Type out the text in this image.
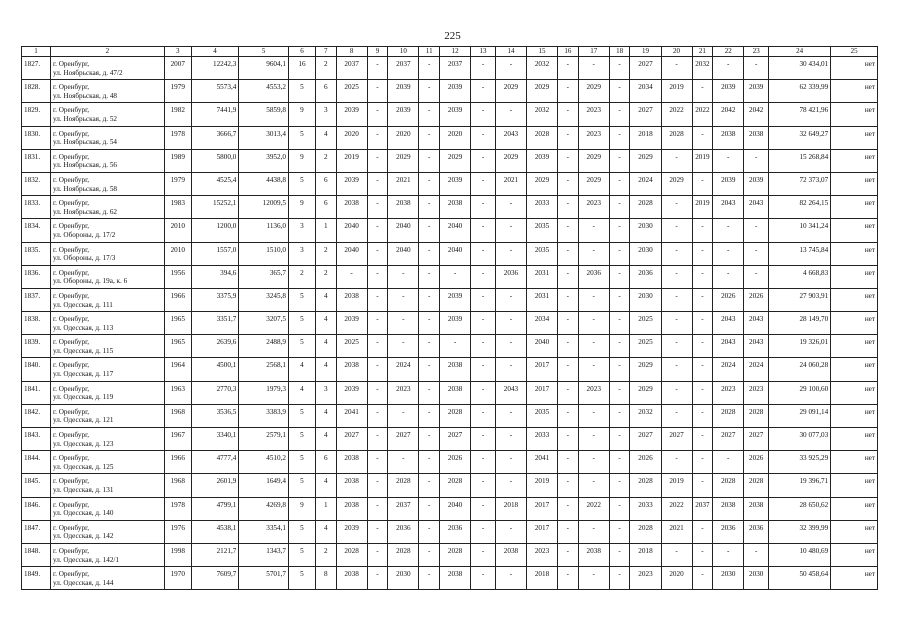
225
1	2	3	4	5	6	7	8	9	10	11	12	13	14	15	16	17	18	19	20	21	22	23	24	25
1827.	г. Оренбург,
ул. Ноябрьская, д. 47/2	2007	12242,3	9604,1	16	2	2037	-	2037	-	2037	-	-	2032	-	-	-	2027	-	2032	-	-	30 434,01	нет
1828.	г. Оренбург,
ул. Ноябрьская, д. 48	1979	5573,4	4553,2	5	6	2025	-	2039	-	2039	-	2029	2029	-	2029	-	2034	2019	-	2039	2039	62 339,99	нет
1829.	г. Оренбург,
ул. Ноябрьская, д. 52	1982	7441,9	5859,8	9	3	2039	-	2039	-	2039	-	-	2032	-	2023	-	2027	2022	2022	2042	2042	78 421,96	нет
1830.	г. Оренбург,
ул. Ноябрьская, д. 54	1978	3666,7	3013,4	5	4	2020	-	2020	-	2020	-	2043	2028	-	2023	-	2018	2028	-	2038	2038	32 649,27	нет
1831.	г. Оренбург,
ул. Ноябрьская, д. 56	1989	5800,0	3952,0	9	2	2019	-	2029	-	2029	-	2029	2039	-	2029	-	2029	-	2019	-	-	15 268,84	нет
1832.	г. Оренбург,
ул. Ноябрьская, д. 58	1979	4525,4	4438,8	5	6	2039	-	2021	-	2039	-	2021	2029	-	2029	-	2024	2029	-	2039	2039	72 373,07	нет
1833.	г. Оренбург,
ул. Ноябрьская, д. 62	1983	15252,1	12009,5	9	6	2038	-	2038	-	2038	-	-	2033	-	2023	-	2028	-	2019	2043	2043	82 264,15	нет
1834.	г. Оренбург,
ул. Обороны, д. 17/2	2010	1200,0	1136,0	3	1	2040	-	2040	-	2040	-	-	2035	-	-	-	2030	-	-	-	-	10 341,24	нет
1835.	г. Оренбург,
ул. Обороны, д. 17/3	2010	1557,0	1510,0	3	2	2040	-	2040	-	2040	-	-	2035	-	-	-	2030	-	-	-	-	13 745,84	нет
1836.	г. Оренбург,
ул. Обороны, д. 19а, к. 6	1956	394,6	365,7	2	2	-	-	-	-	-	-	2036	2031	-	2036	-	2036	-	-	-	-	4 668,83	нет
1837.	г. Оренбург,
ул. Одесская, д. 111	1966	3375,9	3245,8	5	4	2038	-	-	-	2039	-	-	2031	-	-	-	2030	-	-	2026	2026	27 903,91	нет
1838.	г. Оренбург,
ул. Одесская, д. 113	1965	3351,7	3207,5	5	4	2039	-	-	-	2039	-	-	2034	-	-	-	2025	-	-	2043	2043	28 149,70	нет
1839.	г. Оренбург,
ул. Одесская, д. 115	1965	2639,6	2488,9	5	4	2025	-	-	-	-	-	-	2040	-	-	-	2025	-	-	2043	2043	19 326,01	нет
1840.	г. Оренбург,
ул. Одесская, д. 117	1964	4500,1	2568,1	4	4	2038	-	2024	-	2038	-	-	2017	-	-	-	2029	-	-	2024	2024	24 060,28	нет
1841.	г. Оренбург,
ул. Одесская, д. 119	1963	2770,3	1979,3	4	3	2039	-	2023	-	2038	-	2043	2017	-	2023	-	2029	-	-	2023	2023	29 100,60	нет
1842.	г. Оренбург,
ул. Одесская, д. 121	1968	3536,5	3383,9	5	4	2041	-	-	-	2028	-	-	2035	-	-	-	2032	-	-	2028	2028	29 091,14	нет
1843.	г. Оренбург,
ул. Одесская, д. 123	1967	3340,1	2579,1	5	4	2027	-	2027	-	2027	-	-	2033	-	-	-	2027	2027	-	2027	2027	30 077,03	нет
1844.	г. Оренбург,
ул. Одесская, д. 125	1966	4777,4	4510,2	5	6	2038	-	-	-	2026	-	-	2041	-	-	-	2026	-	-	-	2026	33 925,29	нет
1845.	г. Оренбург,
ул. Одесская, д. 131	1968	2601,9	1649,4	5	4	2038	-	2028	-	2028	-	-	2019	-	-	-	2028	2019	-	2028	2028	19 396,71	нет
1846.	г. Оренбург,
ул. Одесская, д. 140	1978	4799,1	4269,8	9	1	2038	-	2037	-	2040	-	2018	2017	-	2022	-	2033	2022	2037	2038	2038	28 650,62	нет
1847.	г. Оренбург,
ул. Одесская, д. 142	1976	4538,1	3354,1	5	4	2039	-	2036	-	2036	-	-	2017	-	-	-	2028	2021	-	2036	2036	32 399,99	нет
1848.	г. Оренбург,
ул. Одесская, д. 142/1	1998	2121,7	1343,7	5	2	2028	-	2028	-	2028	-	2038	2023	-	2038	-	2018	-	-	-	-	10 480,69	нет
1849.	г. Оренбург,
ул. Одесская, д. 144	1970	7609,7	5701,7	5	8	2038	-	2030	-	2038	-	-	2018	-	-	-	2023	2020	-	2030	2030	50 458,64	нет
